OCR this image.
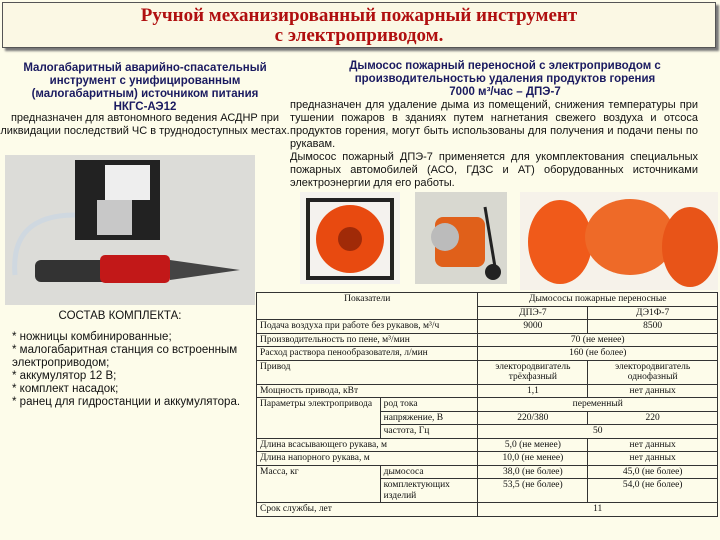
Ручной механизированный пожарный инструмент
с электроприводом.
Малогабаритный аварийно-спасательный
инструмент с унифицированным
(малогабаритным) источником питания
НКГС-АЭ12
предназначен для автономного ведения АСДНР при ликвидации последствий ЧС в труднодоступных местах.
СОСТАВ КОМПЛЕКТА:
* ножницы комбинированные;
* малогабаритная станция со встроенным электроприводом;
* аккумулятор 12 В;
* комплект насадок;
* ранец для гидростанции и аккумулятора.
Дымосос пожарный переносной с электроприводом с
производительностью удаления продуктов горения
7000 м³/час – ДПЭ-7

предназначен для удаление дыма из помещений, снижения температуры при тушении пожаров в зданиях путем нагнетания свежего воздуха и отсоса продуктов горения, могут быть использованы для получения и подачи пены по рукавам.

Дымосос пожарный ДПЭ-7 применяется для укомплектования специальных пожарных автомобилей (АСО, ГДЗС и АТ) оборудованных источниками электроэнергии для его работы.

Показатели		Дымососы пожарные переносные	
		ДПЭ-7	ДЭ1Ф-7
Подача воздуха при работе без рукавов, м³/ч		9000	8500
Производительность по пене, м³/мин		70 (не менее)	
Расход раствора пенообразователя, л/мин		160 (не более)	
Привод		электородвигатель трёхфазный	электородвигатель однофазный
Мощность привода, кВт		1,1	нет данных
Параметры электропривода	род тока	переменный	
	напряжение, В	220/380	220
	частота, Гц	50	
Длина всасывающего рукава, м		5,0 (не менее)	нет данных
Длина напорного рукава, м		10,0 (не менее)	нет данных
Масса, кг	дымососа	38,0 (не более)	45,0 (не более)
	комплектующих изделий	53,5 (не более)	54,0 (не более)
Срок службы, лет		11	
